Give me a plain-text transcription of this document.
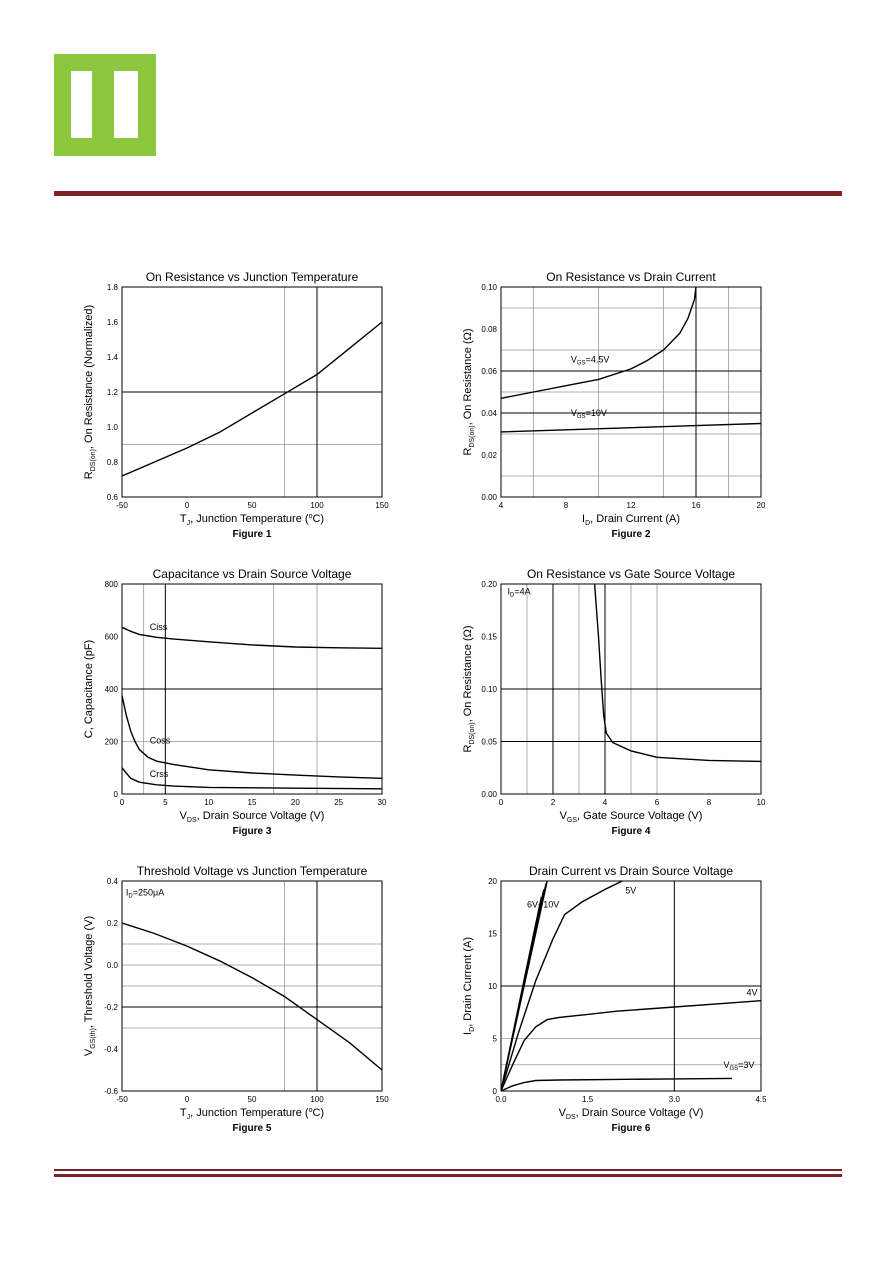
On Resistance vs Junction Temperature
-50	0	50	100	150
0.6
0.8
1.0
1.2
1.4
1.6
1.8
$T_J$, Junction Temperature ($^o$C)
$R_{DS(on)}$, On Resistance (Normalized)
Figure 1
On Resistance vs Drain Current
4	8	12	16	20
0.00
0.02
0.04
0.06
0.08
0.10
$I_D$, Drain Current (A)
$R_{DS(on)}$, On Resistance (Ω)	$V_{GS}=4.5V$
$V_{GS}=10V$
Figure 2
Capacitance vs Drain Source Voltage
0	5	10	15	20	25	30
0
200
400
600
800
$V_{DS}$, Drain Source Voltage (V)
C, Capacitance (pF)
Ciss
Coss
Crss
Figure 3
On Resistance vs Gate Source Voltage
0	2	4	6	8	10
0.00
0.05
0.10
0.15
0.20
$V_{GS}$, Gate Source Voltage (V)
$R_{DS(on)}$, On Resistance (Ω)
$I_D=4A$
Figure 4
Threshold Voltage vs Junction Temperature
-50	0	50	100	150
-0.6
-0.4
-0.2
0.0
0.2
0.4
$T_J$, Junction Temperature ($^o$C)
$V_{GS(th)}$, Threshold Voltage (V)
$I_D=250\mu A$
Figure 5
Drain Current vs Drain Source Voltage
0.0	1.5	3.0	4.5
0
5
10
15
20
$V_{DS}$, Drain Source Voltage (V)
$I_D$, Drain Current (A)
6V~10V
5V
4V
$V_{GS}=3V$
Figure 6
